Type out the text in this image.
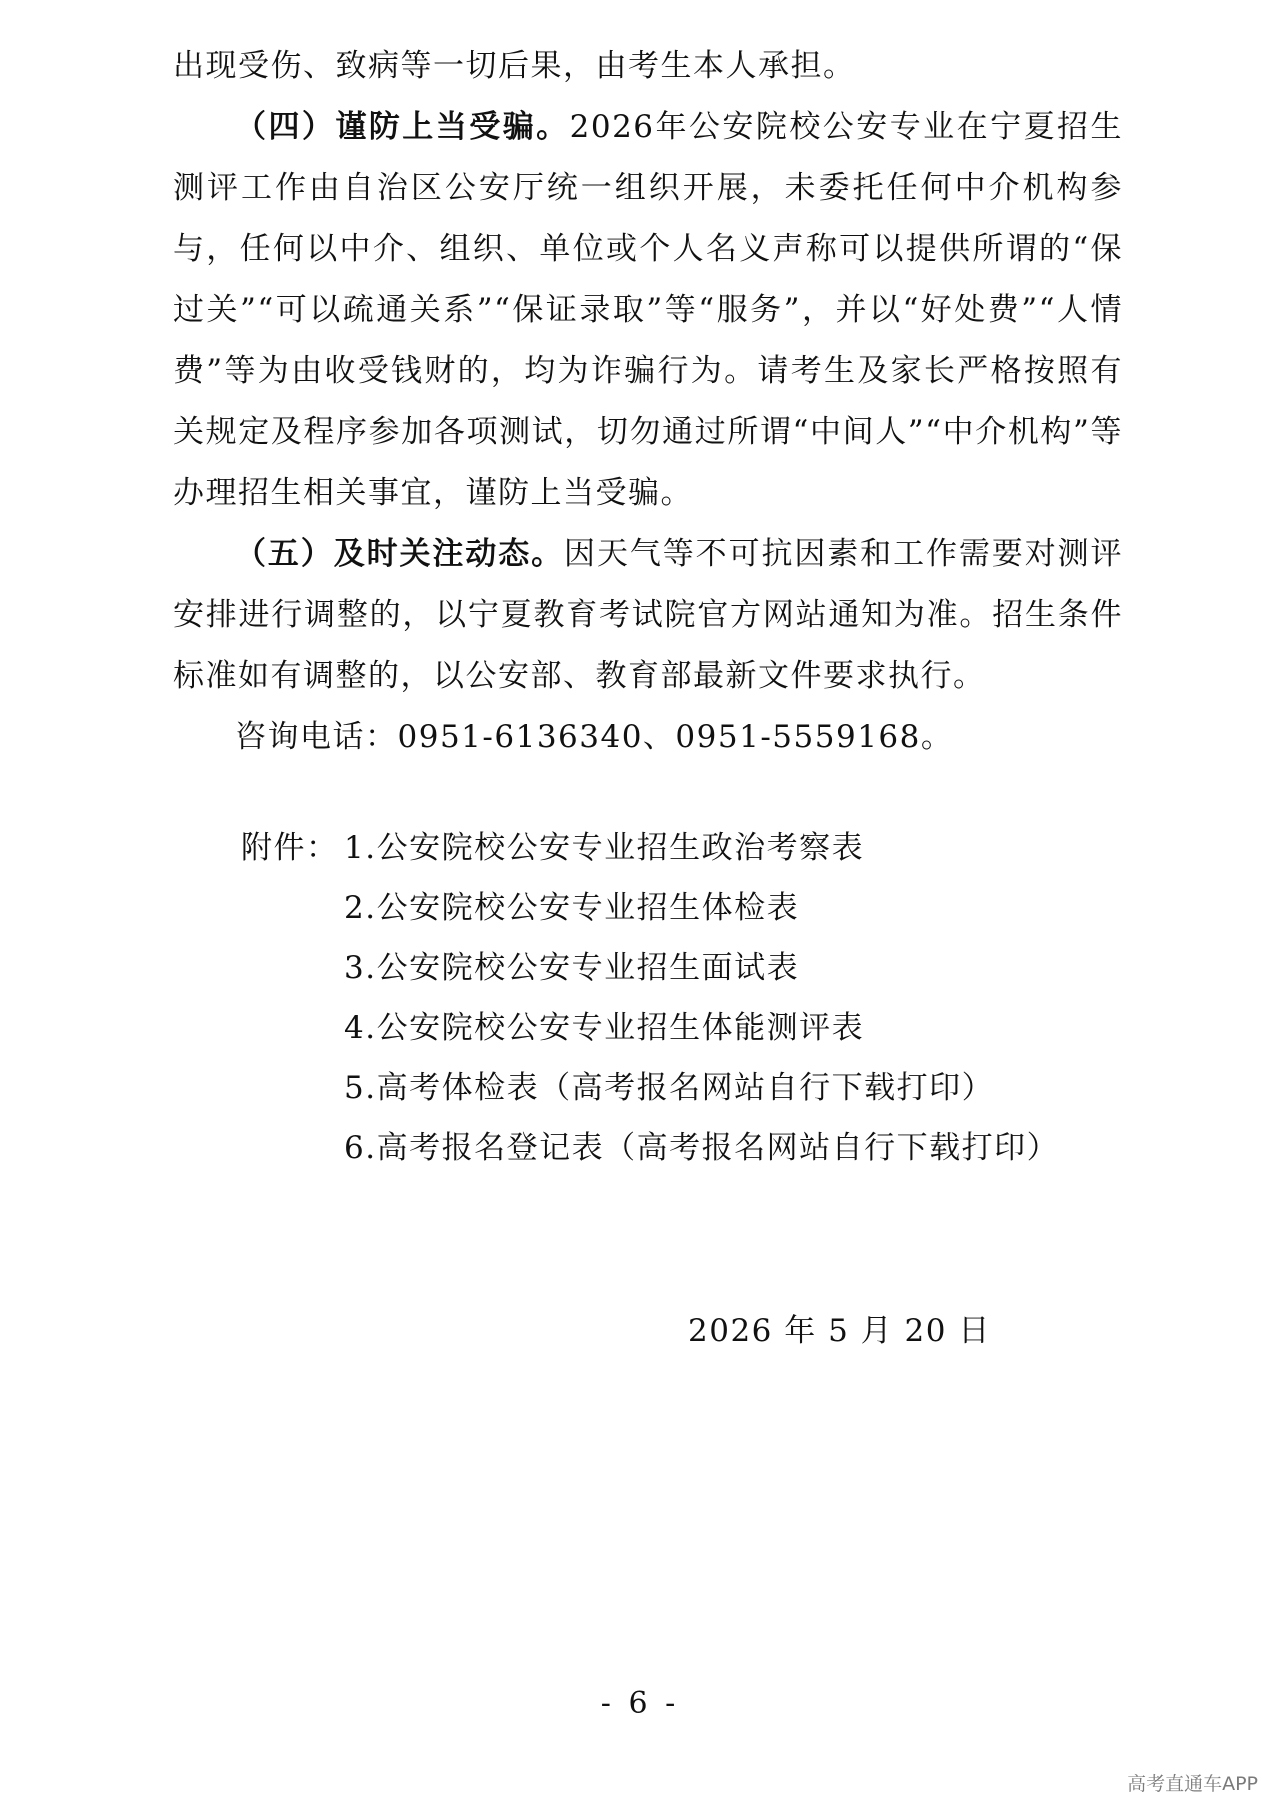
出现受伤、致病等一切后果，由考生本人承担。

（四）谨防上当受骗。2026年公安院校公安专业在宁夏招生测评工作由自治区公安厅统一组织开展，未委托任何中介机构参与，任何以中介、组织、单位或个人名义声称可以提供所谓的“保过关”“可以疏通关系”“保证录取”等“服务”，并以“好处费”“人情费”等为由收受钱财的，均为诈骗行为。请考生及家长严格按照有关规定及程序参加各项测试，切勿通过所谓“中间人”“中介机构”等办理招生相关事宜，谨防上当受骗。

（五）及时关注动态。因天气等不可抗因素和工作需要对测评安排进行调整的，以宁夏教育考试院官方网站通知为准。招生条件标准如有调整的，以公安部、教育部最新文件要求执行。

咨询电话：0951-6136340、0951-5559168。

附件： 1.公安院校公安专业招生政治考察表
2.公安院校公安专业招生体检表
3.公安院校公安专业招生面试表
4.公安院校公安专业招生体能测评表
5.高考体检表（高考报名网站自行下载打印）
6.高考报名登记表（高考报名网站自行下载打印）
2026 年 5 月 20 日
- 6 -
高考直通车APP
